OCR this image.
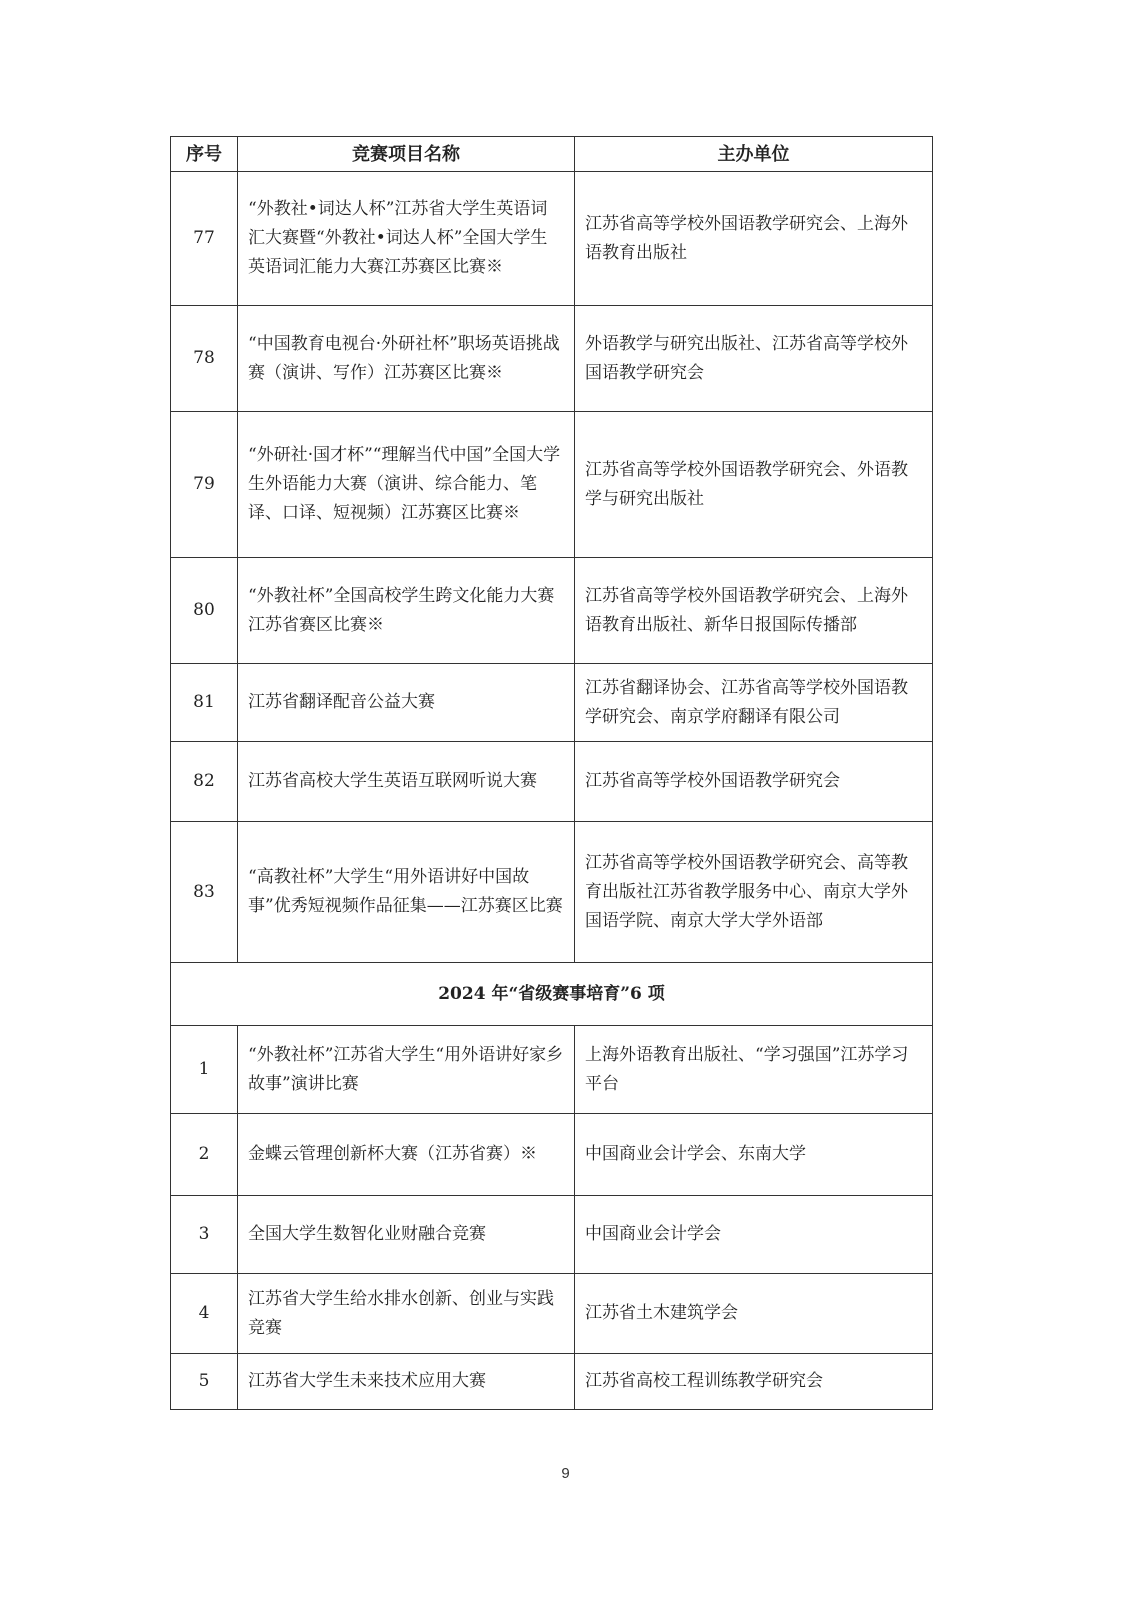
序号	竞赛项目名称	主办单位
77	“外教社•词达人杯”江苏省大学生英语词汇大赛暨“外教社•词达人杯”全国大学生英语词汇能力大赛江苏赛区比赛※	江苏省高等学校外国语教学研究会、上海外语教育出版社
78	“中国教育电视台·外研社杯”职场英语挑战赛（演讲、写作）江苏赛区比赛※	外语教学与研究出版社、江苏省高等学校外国语教学研究会
79	“外研社·国才杯”“理解当代中国”全国大学生外语能力大赛（演讲、综合能力、笔译、口译、短视频）江苏赛区比赛※	江苏省高等学校外国语教学研究会、外语教学与研究出版社
80	“外教社杯”全国高校学生跨文化能力大赛江苏省赛区比赛※	江苏省高等学校外国语教学研究会、上海外语教育出版社、新华日报国际传播部
81	江苏省翻译配音公益大赛	江苏省翻译协会、江苏省高等学校外国语教学研究会、南京学府翻译有限公司
82	江苏省高校大学生英语互联网听说大赛	江苏省高等学校外国语教学研究会
83	“高教社杯”大学生“用外语讲好中国故事”优秀短视频作品征集——江苏赛区比赛	江苏省高等学校外国语教学研究会、高等教育出版社江苏省教学服务中心、南京大学外国语学院、南京大学大学外语部
2024 年“省级赛事培育”6 项		
1	“外教社杯”江苏省大学生“用外语讲好家乡故事”演讲比赛	上海外语教育出版社、“学习强国”江苏学习平台
2	金蝶云管理创新杯大赛（江苏省赛）※	中国商业会计学会、东南大学
3	全国大学生数智化业财融合竞赛	中国商业会计学会
4	江苏省大学生给水排水创新、创业与实践竞赛	江苏省土木建筑学会
5	江苏省大学生未来技术应用大赛	江苏省高校工程训练教学研究会
9
